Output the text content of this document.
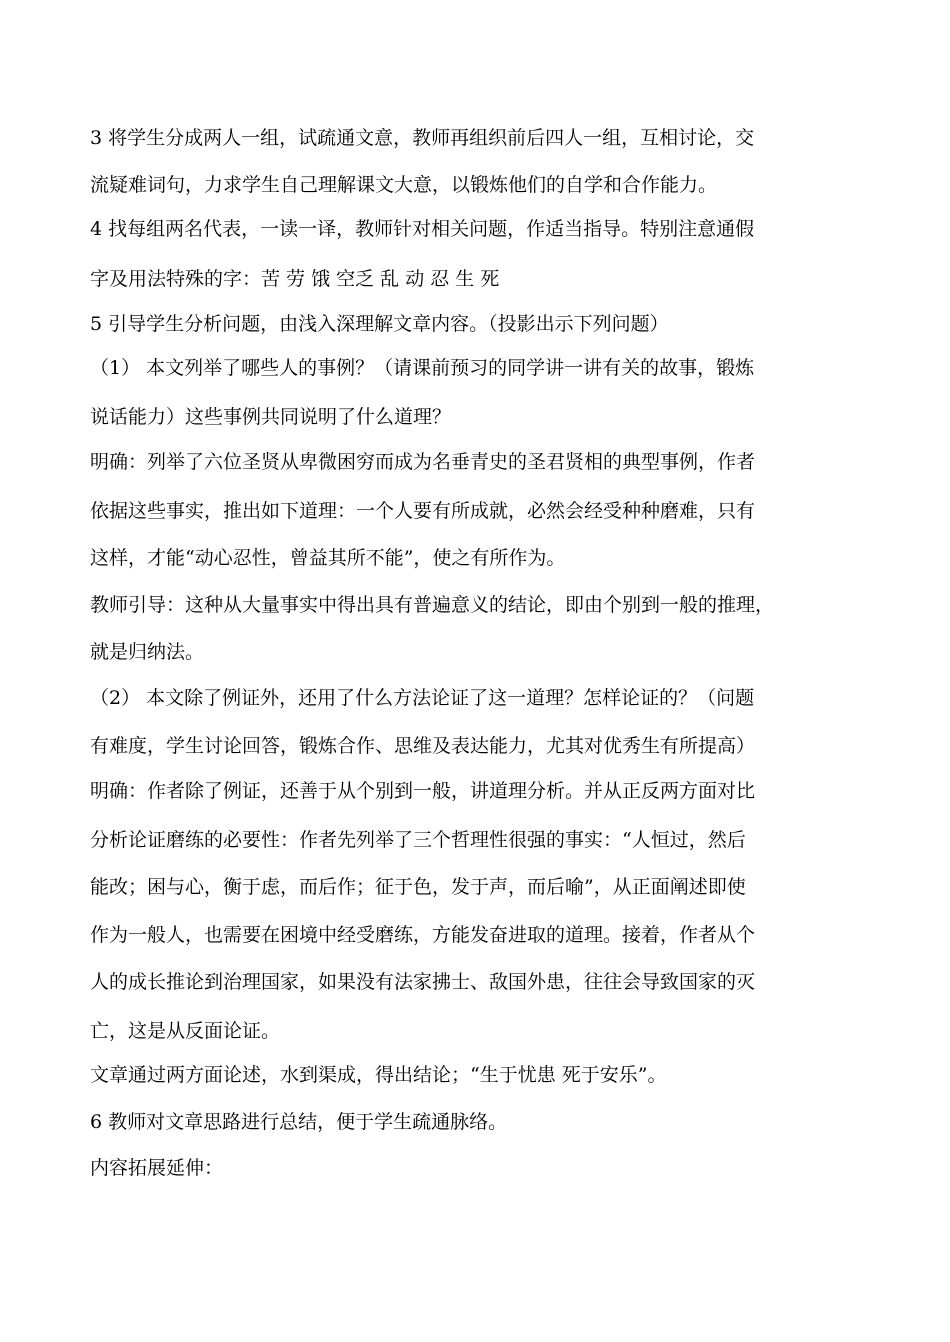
3 将学生分成两人一组，试疏通文意，教师再组织前后四人一组，互相讨论，交
流疑难词句，力求学生自己理解课文大意，以锻炼他们的自学和合作能力。
4 找每组两名代表，一读一译，教师针对相关问题，作适当指导。特别注意通假
字及用法特殊的字：苦 劳 饿 空乏 乱 动 忍 生 死
5 引导学生分析问题，由浅入深理解文章内容。（投影出示下列问题）
（1） 本文列举了哪些人的事例？（请课前预习的同学讲一讲有关的故事，锻炼
说话能力）这些事例共同说明了什么道理？
明确：列举了六位圣贤从卑微困穷而成为名垂青史的圣君贤相的典型事例，作者
依据这些事实，推出如下道理：一个人要有所成就，必然会经受种种磨难，只有
这样，才能“动心忍性，曾益其所不能”，使之有所作为。
教师引导：这种从大量事实中得出具有普遍意义的结论，即由个别到一般的推理，
就是归纳法。
（2） 本文除了例证外，还用了什么方法论证了这一道理？怎样论证的？（问题
有难度，学生讨论回答，锻炼合作、思维及表达能力，尤其对优秀生有所提高）
明确：作者除了例证，还善于从个别到一般，讲道理分析。并从正反两方面对比
分析论证磨练的必要性：作者先列举了三个哲理性很强的事实：“人恒过，然后
能改；困与心，衡于虑，而后作；征于色，发于声，而后喻”，从正面阐述即使
作为一般人，也需要在困境中经受磨练，方能发奋进取的道理。接着，作者从个
人的成长推论到治理国家，如果没有法家拂士、敌国外患，往往会导致国家的灭
亡，这是从反面论证。
文章通过两方面论述，水到渠成，得出结论；“生于忧患 死于安乐”。
6 教师对文章思路进行总结，便于学生疏通脉络。
内容拓展延伸：
